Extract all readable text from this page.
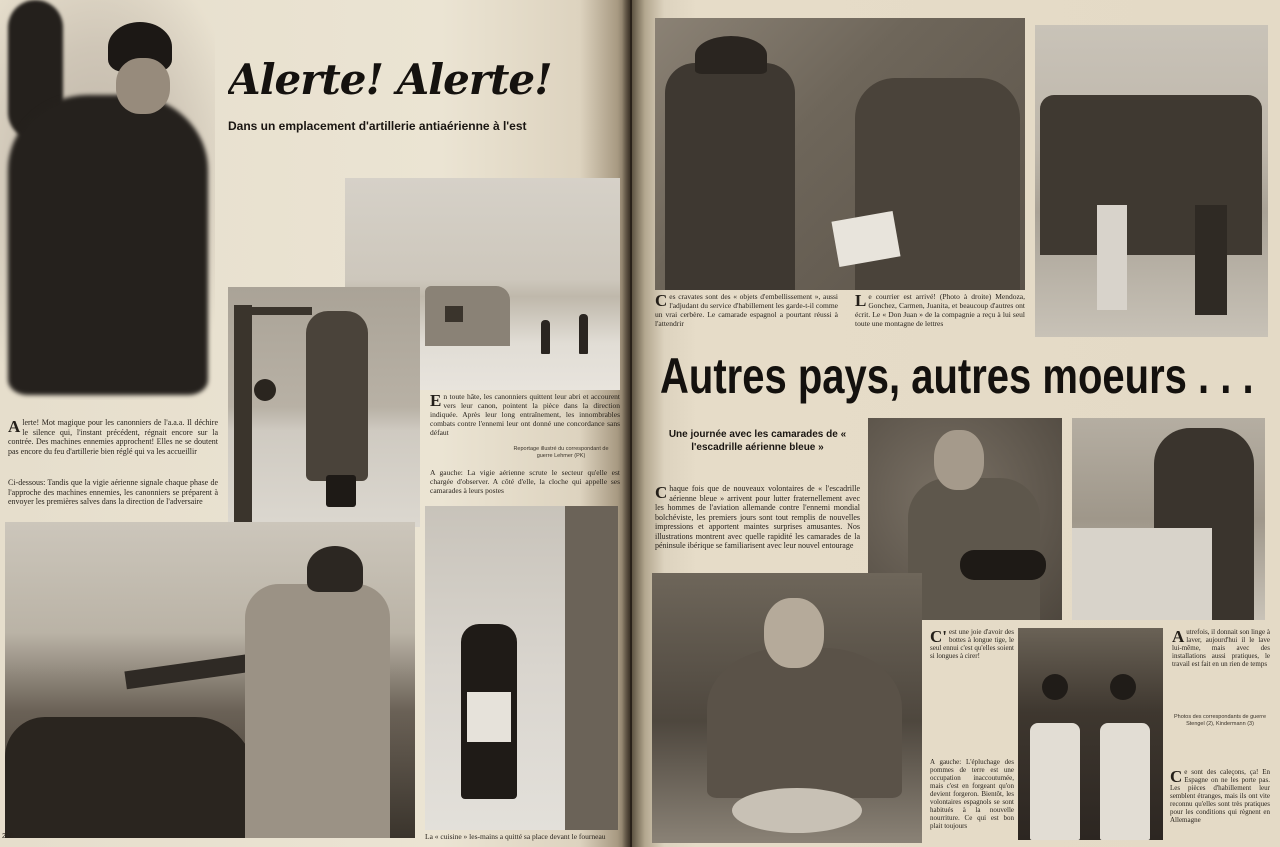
Alerte! Alerte!
Dans un emplacement d'artillerie antiaérienne à l'est
En toute hâte, les canonniers quittent leur abri et accourent vers leur canon, pointent la pièce dans la direction indiquée. Après leur long entraînement, les innombrables combats contre l'ennemi leur ont donné une concordance sans défaut
Reportage illustré du correspondant de guerre Lehmer (PK)
A gauche: La vigie aérienne scrute le secteur qu'elle est chargée d'observer. A côté d'elle, la cloche qui appelle ses camarades à leurs postes
Alerte! Mot magique pour les canonniers de l'a.a.a. Il déchire le silence qui, l'instant précédent, régnait encore sur la contrée. Des machines ennemies approchent! Elles ne se doutent pas encore du feu d'artillerie bien réglé qui va les accueillir
Ci-dessous: Tandis que la vigie aérienne signale chaque phase de l'approche des machines ennemies, les canonniers se préparent à envoyer les premières salves dans la direction de l'adversaire
La « cuisine » les-mains a quitté sa place devant le fourneau
206
Ces cravates sont des « objets d'embellissement », aussi l'adjudant du service d'habillement les garde-t-il comme un vrai cerbère. Le camarade espagnol a pourtant réussi à l'attendrir
Le courrier est arrivé! (Photo à droite) Mendoza, Gonchez, Carmen, Juanita, et beaucoup d'autres ont écrit. Le « Don Juan » de la compagnie a reçu à lui seul toute une montagne de lettres
Autres pays, autres moeurs . . .
Une journée avec les camarades de « l'escadrille aérienne bleue »
Chaque fois que de nouveaux volontaires de « l'escadrille aérienne bleue » arrivent pour lutter fraternellement avec les hommes de l'aviation allemande contre l'ennemi mondial bolchéviste, les premiers jours sont tout remplis de nouvelles impressions et apportent maintes surprises amusantes. Nos illustrations montrent avec quelle rapidité les camarades de la péninsule ibérique se familiarisent avec leur nouvel entourage
C'est une joie d'avoir des bottes à longue tige, le seul ennui c'est qu'elles soient si longues à cirer!
A gauche: L'épluchage des pommes de terre est une occupation inaccoutumée, mais c'est en forgeant qu'on devient forgeron. Bientôt, les volontaires espagnols se sont habitués à la nouvelle nourriture. Ce qui est bon plait toujours
Autrefois, il donnait son linge à laver, aujourd'hui il le lave lui-même, mais avec des installations aussi pratiques, le travail est fait en un rien de temps
Photos des correspondants de guerre Stengel (2), Kindermann (3)
Ce sont des caleçons, ça! En Espagne on ne les porte pas. Les pièces d'habillement leur semblent étranges, mais ils ont vite reconnu qu'elles sont très pratiques pour les conditions qui règnent en Allemagne
